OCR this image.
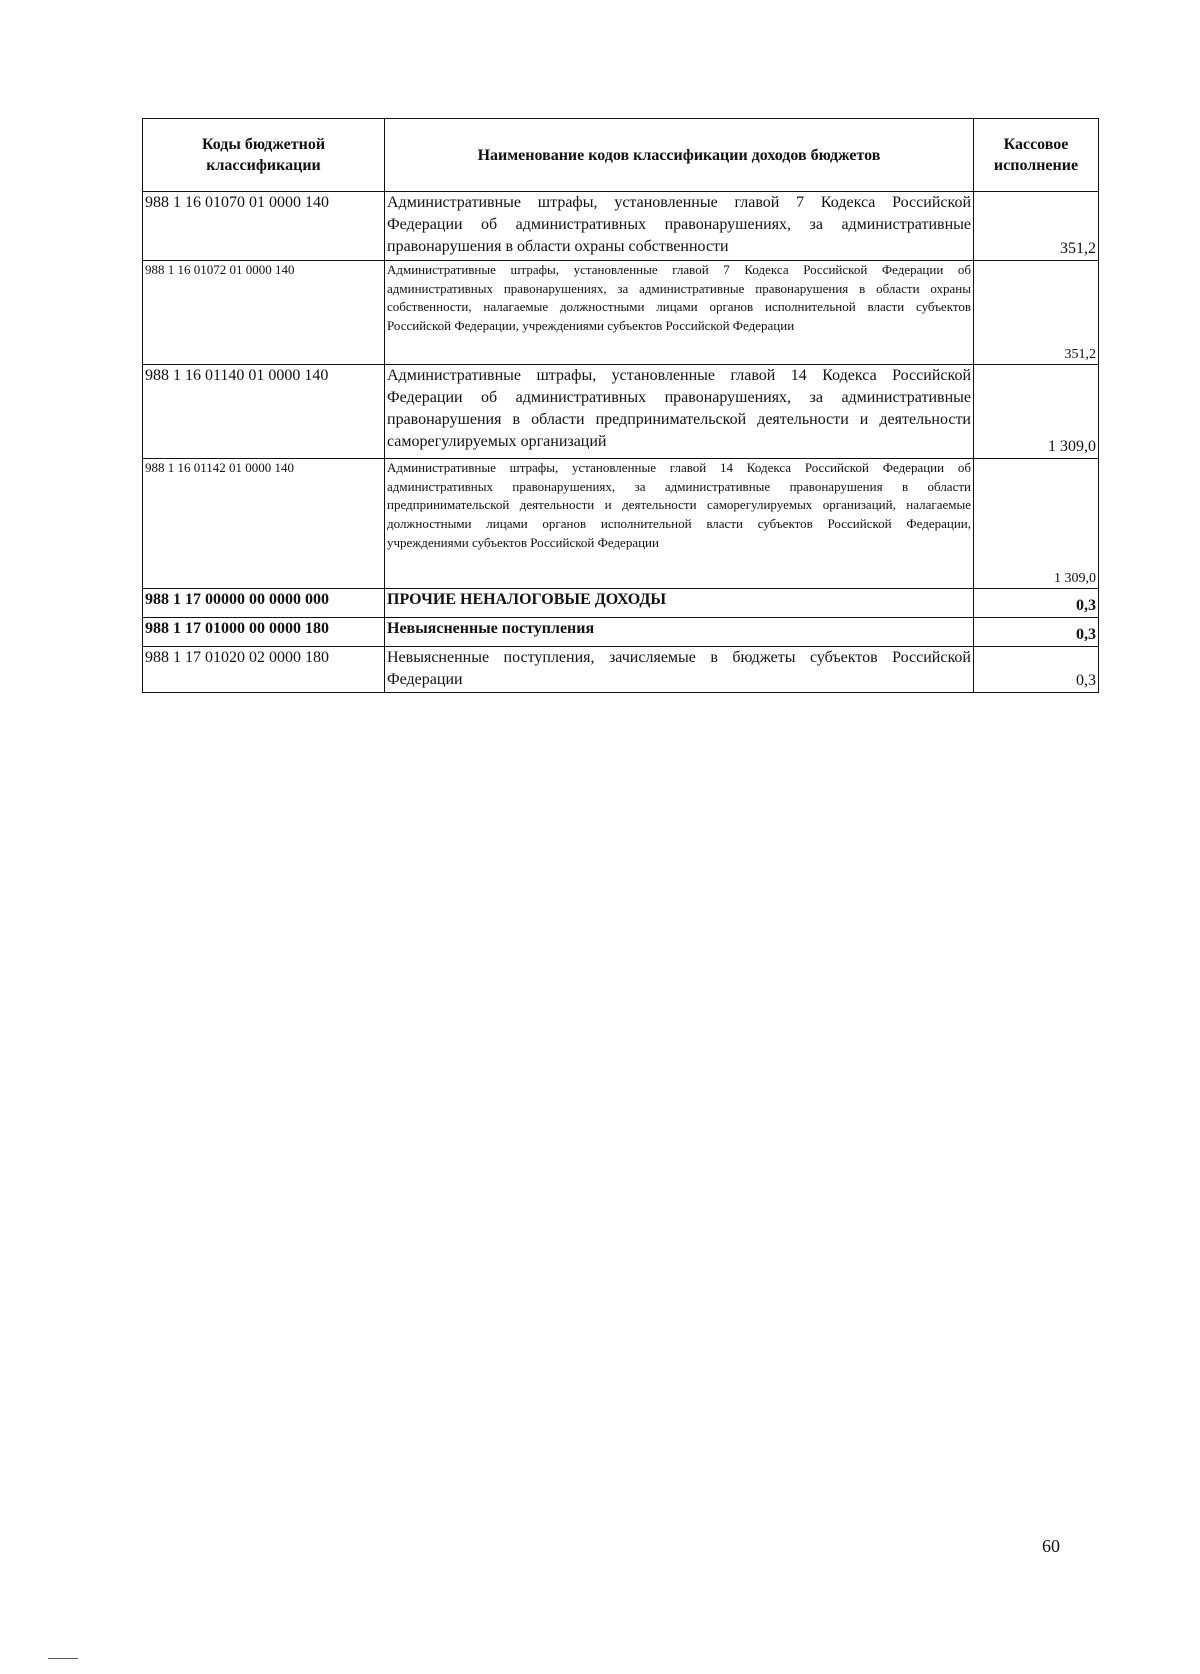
Коды бюджетной классификации	Наименование кодов классификации доходов бюджетов	Кассовое исполнение
988 1 16 01070 01 0000 140	Административные штрафы, установленные главой 7 Кодекса Российской Федерации об административных правонарушениях, за административные правонарушения в области охраны собственности	351,2
988 1 16 01072 01 0000 140	Административные штрафы, установленные главой 7 Кодекса Российской Федерации об административных правонарушениях, за административные правонарушения в области охраны собственности, налагаемые должностными лицами органов исполнительной власти субъектов Российской Федерации, учреждениями субъектов Российской Федерации	351,2
988 1 16 01140 01 0000 140	Административные штрафы, установленные главой 14 Кодекса Российской Федерации об административных правонарушениях, за административные правонарушения в области предпринимательской деятельности и деятельности саморегулируемых организаций	1 309,0
988 1 16 01142 01 0000 140	Административные штрафы, установленные главой 14 Кодекса Российской Федерации об административных правонарушениях, за административные правонарушения в области предпринимательской деятельности и деятельности саморегулируемых организаций, налагаемые должностными лицами органов исполнительной власти субъектов Российской Федерации, учреждениями субъектов Российской Федерации	1 309,0
988 1 17 00000 00 0000 000	ПРОЧИЕ НЕНАЛОГОВЫЕ ДОХОДЫ	0,3
988 1 17 01000 00 0000 180	Невыясненные поступления	0,3
988 1 17 01020 02 0000 180	Невыясненные поступления, зачисляемые в бюджеты субъектов Российской Федерации	0,3
60
